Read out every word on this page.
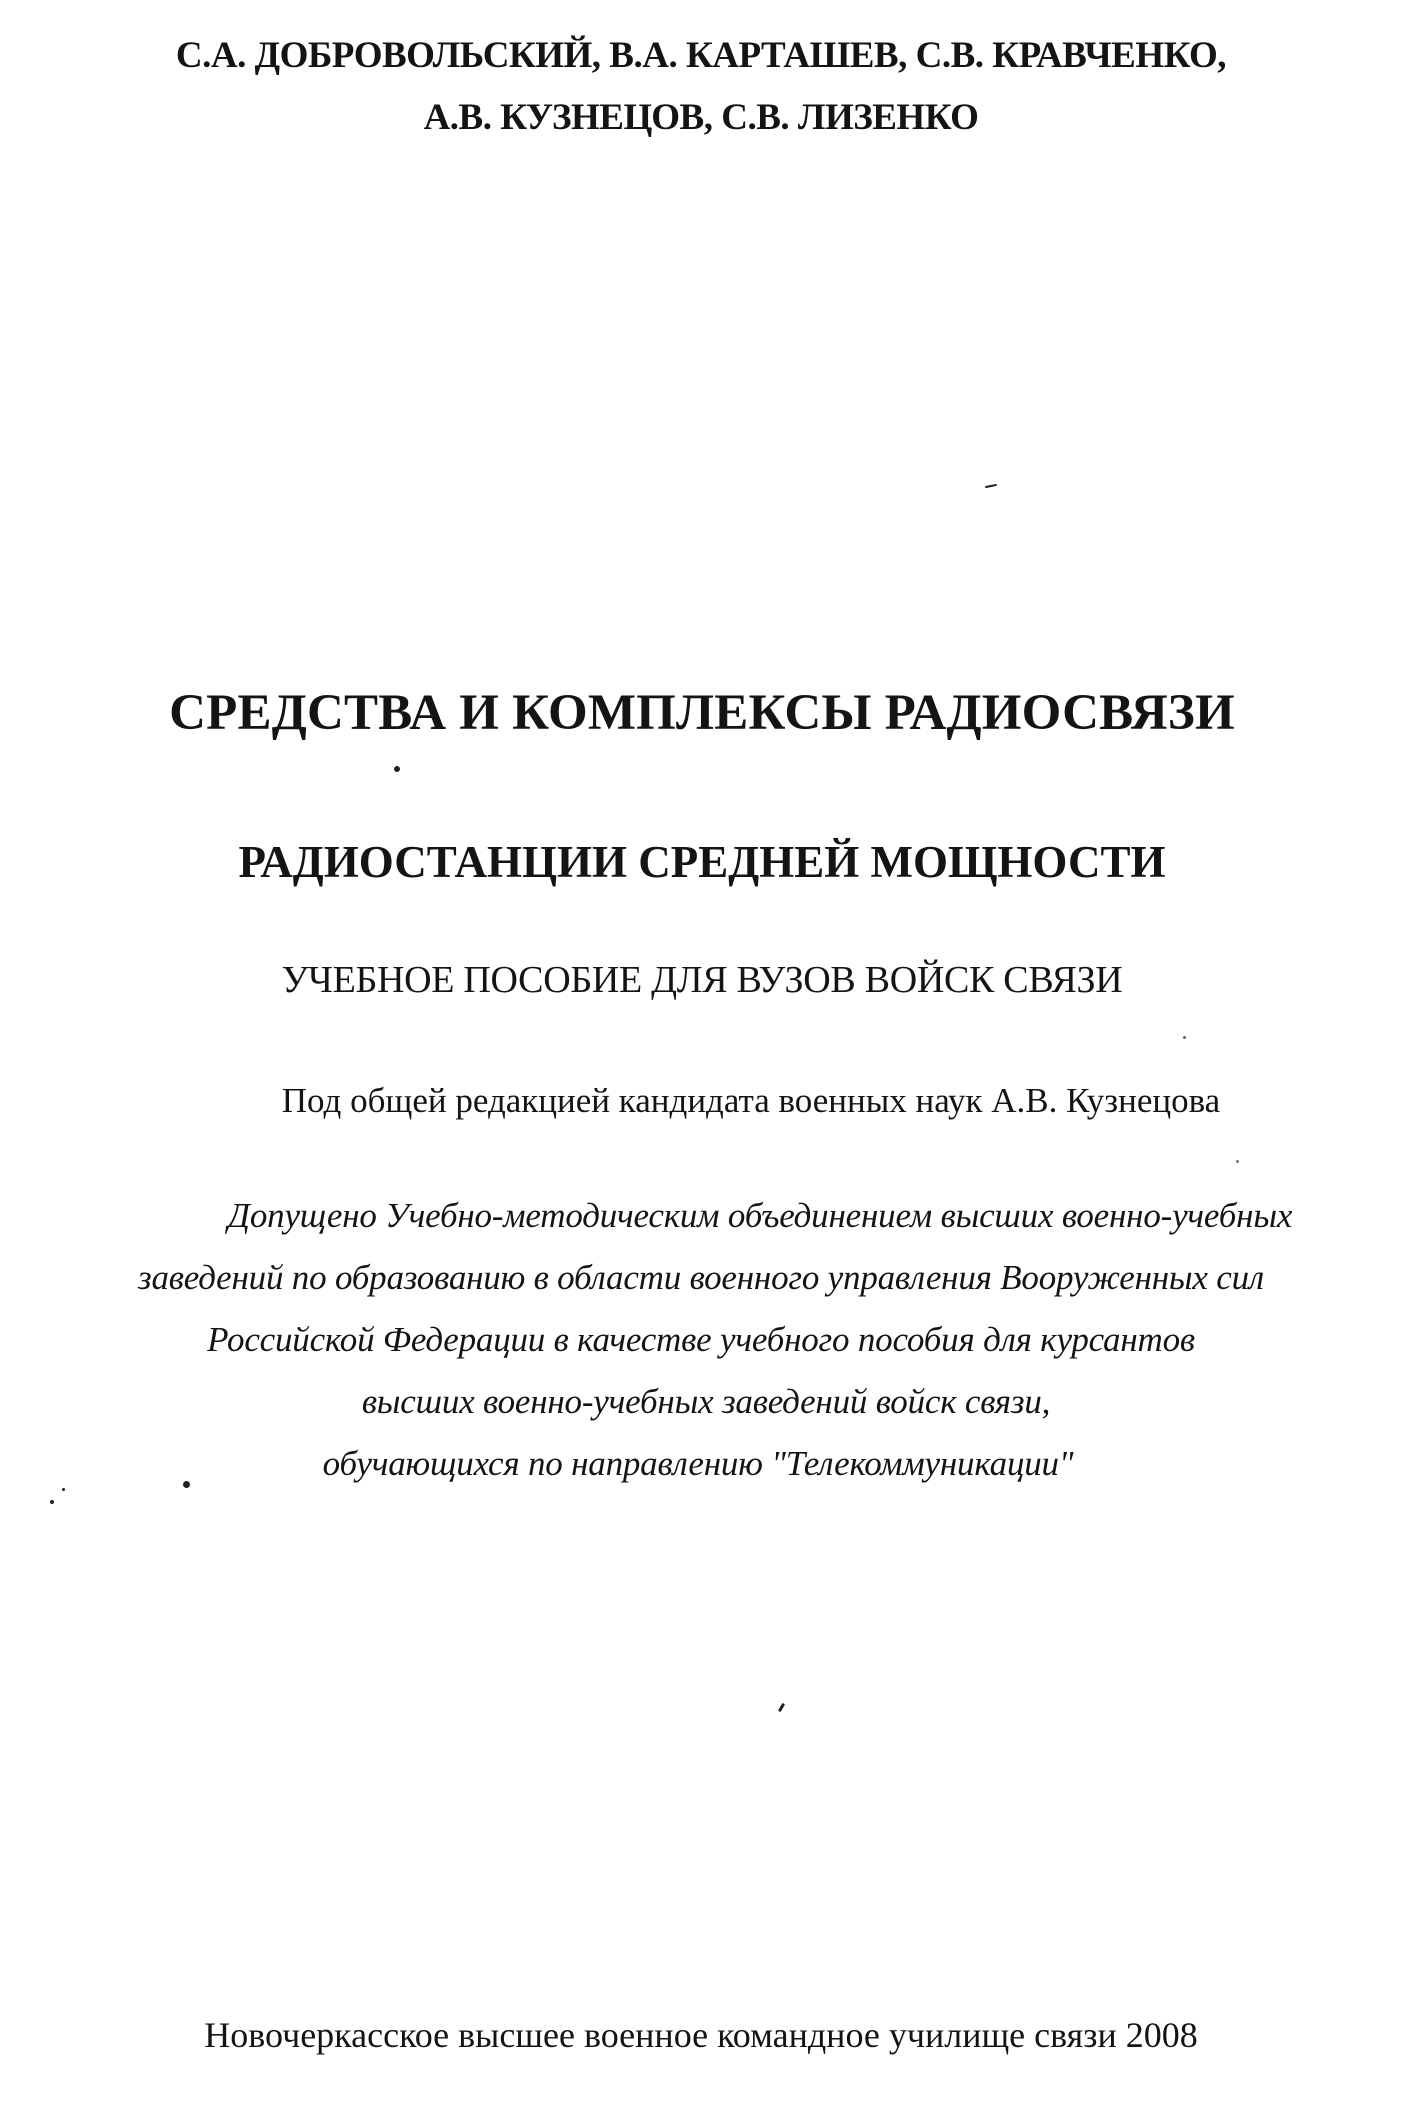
С.А. ДОБРОВОЛЬСКИЙ, В.А. КАРТАШЕВ, С.В. КРАВЧЕНКО,
А.В. КУЗНЕЦОВ, С.В. ЛИЗЕНКО
СРЕДСТВА И КОМПЛЕКСЫ РАДИОСВЯЗИ
РАДИОСТАНЦИИ СРЕДНЕЙ МОЩНОСТИ
УЧЕБНОЕ ПОСОБИЕ ДЛЯ ВУЗОВ ВОЙСК СВЯЗИ
Под общей редакцией кандидата военных наук А.В. Кузнецова
Допущено Учебно-методическим объединением высших военно-учебных
заведений по образованию в области военного управления Вооруженных сил
Российской Федерации в качестве учебного пособия для курсантов
высших военно-учебных заведений войск связи,
обучающихся по направлению "Телекоммуникации"
Новочеркасское высшее военное командное училище связи 2008
